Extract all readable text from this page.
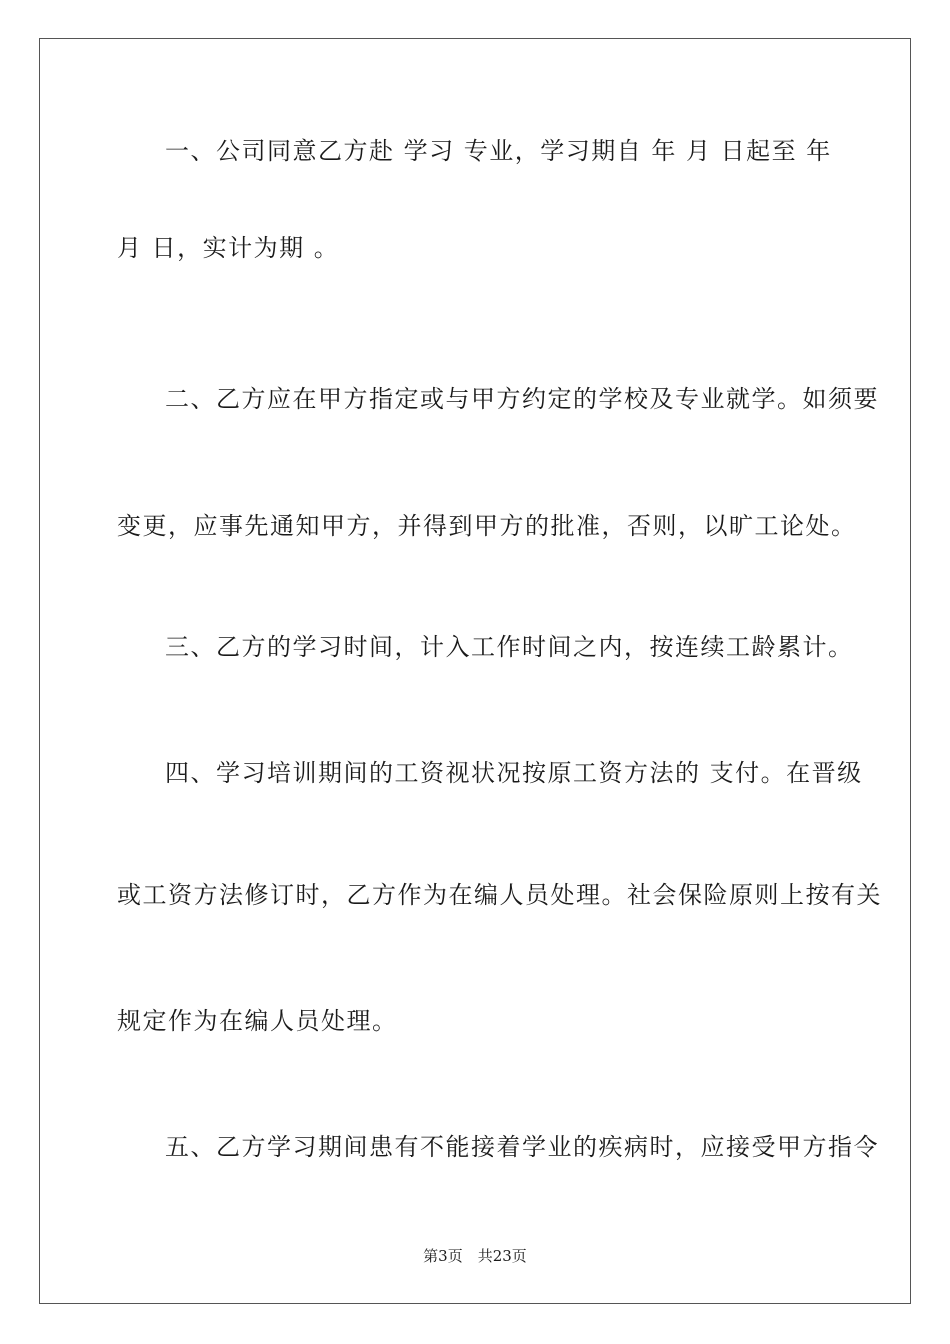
一、公司同意乙方赴 学习 专业，学习期自 年 月 日起至 年
月 日，实计为期 。
二、乙方应在甲方指定或与甲方约定的学校及专业就学。如须要
变更，应事先通知甲方，并得到甲方的批准，否则，以旷工论处。
三、乙方的学习时间，计入工作时间之内，按连续工龄累计。
四、学习培训期间的工资视状况按原工资方法的 支付。在晋级
或工资方法修订时，乙方作为在编人员处理。社会保险原则上按有关
规定作为在编人员处理。
五、乙方学习期间患有不能接着学业的疾病时，应接受甲方指令
第3页　共23页
